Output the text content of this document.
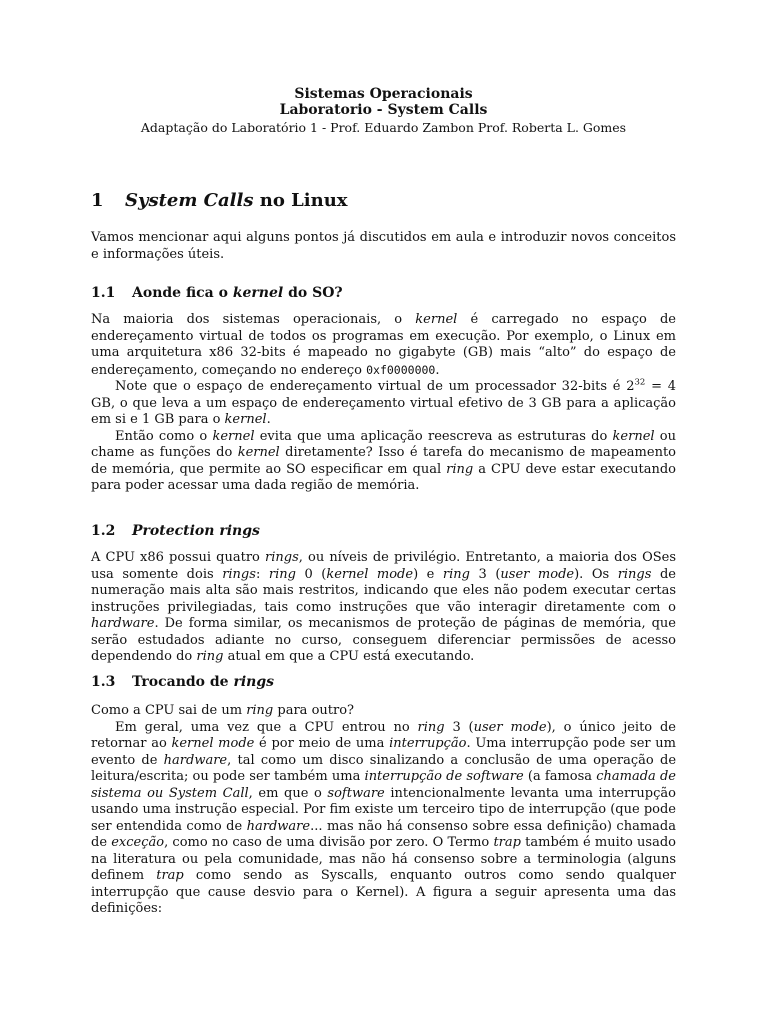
Sistemas Operacionais
Laboratorio - System Calls
Adaptação do Laboratório 1 - Prof. Eduardo Zambon Prof. Roberta L. Gomes
1 System Calls no Linux

Vamos mencionar aqui alguns pontos já discutidos em aula e introduzir novos conceitos e informações úteis.

1.1 Aonde fica o kernel do SO?

Na maioria dos sistemas operacionais, o kernel é carregado no espaço de endereçamento virtual de todos os programas em execução. Por exemplo, o Linux em uma arquitetura x86 32-bits é mapeado no gigabyte (GB) mais “alto” do espaço de endereçamento, começando no endereço 0xf0000000.

Note que o espaço de endereçamento virtual de um processador 32-bits é $2^{32} = 4$ GB, o que leva a um espaço de endereçamento virtual efetivo de 3 GB para a aplicação em si e 1 GB para o kernel.

Então como o kernel evita que uma aplicação reescreva as estruturas do kernel ou chame as funções do kernel diretamente? Isso é tarefa do mecanismo de mapeamento de memória, que permite ao SO especificar em qual ring a CPU deve estar executando para poder acessar uma dada região de memória.

1.2 Protection rings

A CPU x86 possui quatro rings, ou níveis de privilégio. Entretanto, a maioria dos OSes usa somente dois rings: ring 0 (kernel mode) e ring 3 (user mode). Os rings de numeração mais alta são mais restritos, indicando que eles não podem executar certas instruções privilegiadas, tais como instruções que vão interagir diretamente com o hardware. De forma similar, os mecanismos de proteção de páginas de memória, que serão estudados adiante no curso, conseguem diferenciar permissões de acesso dependendo do ring atual em que a CPU está executando.

1.3 Trocando de rings

Como a CPU sai de um ring para outro?

Em geral, uma vez que a CPU entrou no ring 3 (user mode), o único jeito de retornar ao kernel mode é por meio de uma interrupção. Uma interrupção pode ser um evento de hardware, tal como um disco sinalizando a conclusão de uma operação de leitura/escrita; ou pode ser também uma interrupção de software (a famosa chamada de sistema ou System Call, em que o software intencionalmente levanta uma interrupção usando uma instrução especial. Por fim existe um terceiro tipo de interrupção (que pode ser entendida como de hardware... mas não há consenso sobre essa definição) chamada de exceção, como no caso de uma divisão por zero. O Termo trap também é muito usado na literatura ou pela comunidade, mas não há consenso sobre a terminologia (alguns definem trap como sendo as Syscalls, enquanto outros como sendo qualquer interrupção que cause desvio para o Kernel). A figura a seguir apresenta uma das definições:
